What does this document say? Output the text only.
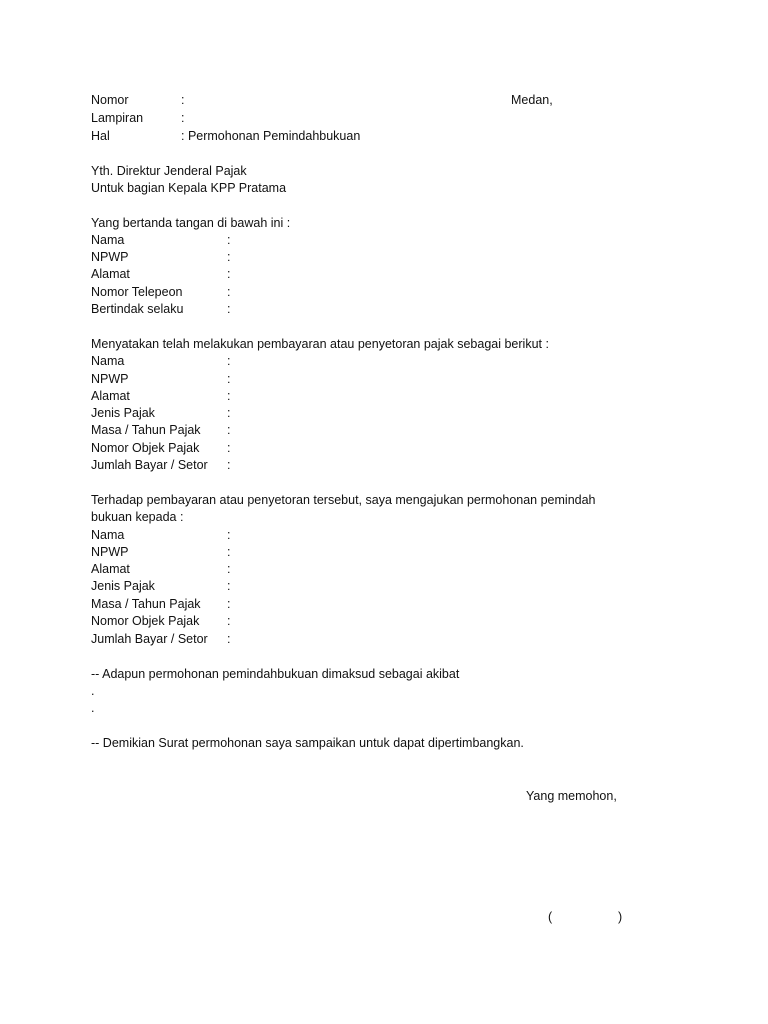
Nomor	:	Medan,
Lampiran	:
Hal	: Permohonan Pemindahbukuan
Yth. Direktur Jenderal Pajak
Untuk bagian Kepala KPP Pratama
Yang bertanda tangan di bawah ini :
Nama	:
NPWP	:
Alamat	:
Nomor Telepeon	:
Bertindak selaku	:
Menyatakan telah melakukan pembayaran atau penyetoran pajak sebagai berikut :
Nama	:
NPWP	:
Alamat	:
Jenis Pajak	:
Masa / Tahun Pajak :
Nomor Objek Pajak :
Jumlah Bayar / Setor :
Terhadap pembayaran atau penyetoran tersebut, saya mengajukan permohonan pemindah
bukuan kepada :
Nama	:
NPWP	:
Alamat	:
Jenis Pajak	:
Masa / Tahun Pajak :
Nomor Objek Pajak :
Jumlah Bayar / Setor :
-- Adapun permohonan pemindahbukuan dimaksud sebagai akibat
.
.
-- Demikian Surat permohonan saya sampaikan untuk dapat dipertimbangkan.
Yang memohon,
(	)
